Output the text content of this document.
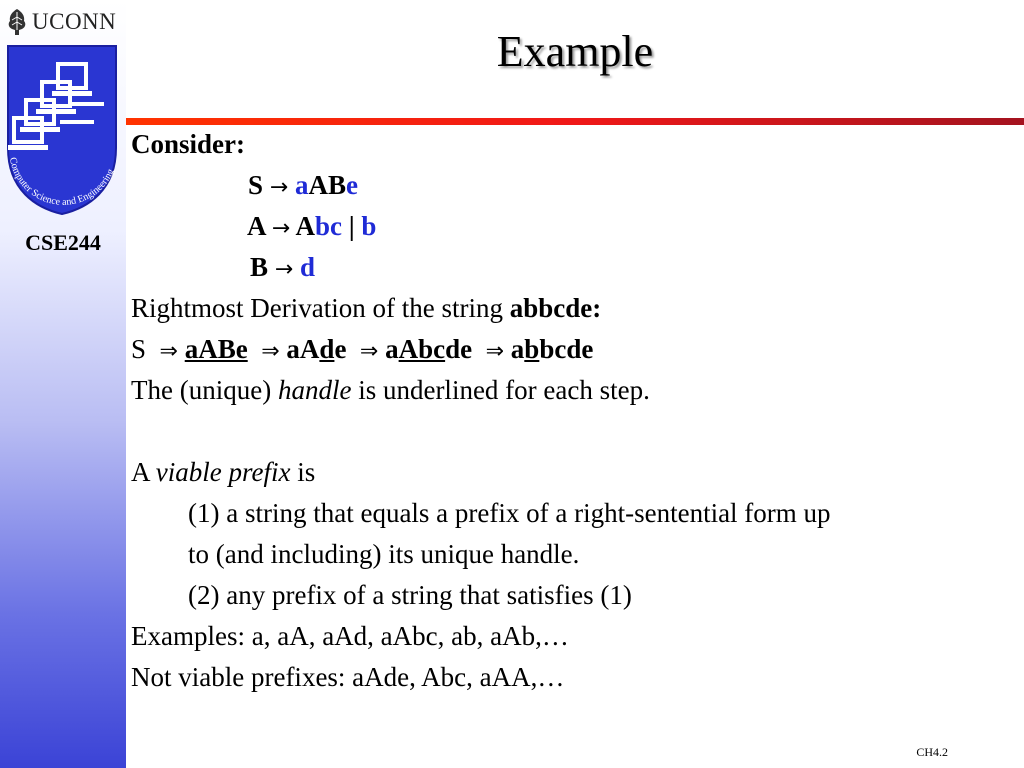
UCONN
Computer Science and Engineering
CSE244
Example
Consider:
S → aABe
A → Abc | b
B → d
Rightmost Derivation of the string abbcde:
S ⇒ aABe ⇒ aAde ⇒ aAbcde ⇒ abbcde
The (unique) handle is underlined for each step.
A viable prefix is
(1) a string that equals a prefix of a right-sentential form up
to (and including) its unique handle.
(2) any prefix of a string that satisfies (1)
Examples: a, aA, aAd, aAbc, ab, aAb,…
Not viable prefixes: aAde, Abc, aAA,…
CH4.2
